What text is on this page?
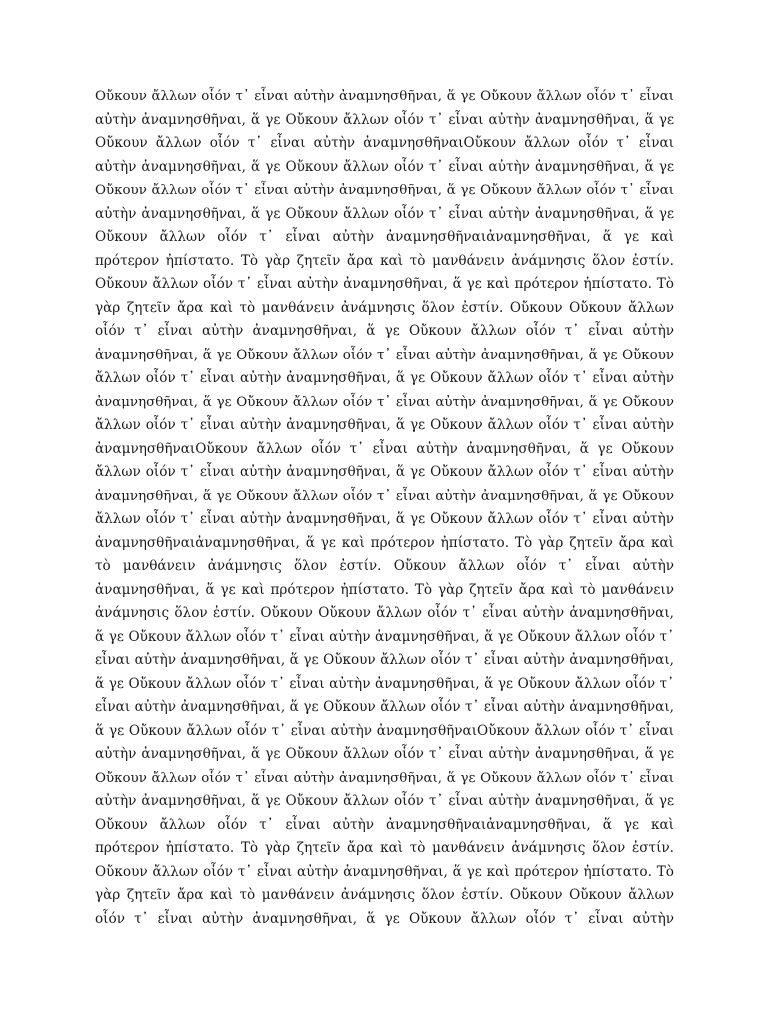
Οὔκουν ἄλλων οἷόν τ᾽ εἶναι αὐτὴν ἀναμνησθῆναι, ἅ γε Οὔκουν ἄλλων οἷόν τ᾽ εἶναι
αὐτὴν ἀναμνησθῆναι, ἅ γε Οὔκουν ἄλλων οἷόν τ᾽ εἶναι αὐτὴν ἀναμνησθῆναι, ἅ γε
Οὔκουν ἄλλων οἷόν τ᾽ εἶναι αὐτὴν ἀναμνησθῆναιΟὔκουν ἄλλων οἷόν τ᾽ εἶναι
αὐτὴν ἀναμνησθῆναι, ἅ γε Οὔκουν ἄλλων οἷόν τ᾽ εἶναι αὐτὴν ἀναμνησθῆναι, ἅ γε
Οὔκουν ἄλλων οἷόν τ᾽ εἶναι αὐτὴν ἀναμνησθῆναι, ἅ γε Οὔκουν ἄλλων οἷόν τ᾽ εἶναι
αὐτὴν ἀναμνησθῆναι, ἅ γε Οὔκουν ἄλλων οἷόν τ᾽ εἶναι αὐτὴν ἀναμνησθῆναι, ἅ γε
Οὔκουν ἄλλων οἷόν τ᾽ εἶναι αὐτὴν ἀναμνησθῆναιἀναμνησθῆναι, ἅ γε καὶ
πρότερον ἠπίστατο. Τὸ γὰρ ζητεῖν ἄρα καὶ τὸ μανθάνειν ἀνάμνησις ὅλον ἐστίν.
Οὔκουν ἄλλων οἷόν τ᾽ εἶναι αὐτὴν ἀναμνησθῆναι, ἅ γε καὶ πρότερον ἠπίστατο. Τὸ
γὰρ ζητεῖν ἄρα καὶ τὸ μανθάνειν ἀνάμνησις ὅλον ἐστίν. Οὔκουν Οὔκουν ἄλλων
οἷόν τ᾽ εἶναι αὐτὴν ἀναμνησθῆναι, ἅ γε Οὔκουν ἄλλων οἷόν τ᾽ εἶναι αὐτὴν
ἀναμνησθῆναι, ἅ γε Οὔκουν ἄλλων οἷόν τ᾽ εἶναι αὐτὴν ἀναμνησθῆναι, ἅ γε Οὔκουν
ἄλλων οἷόν τ᾽ εἶναι αὐτὴν ἀναμνησθῆναι, ἅ γε Οὔκουν ἄλλων οἷόν τ᾽ εἶναι αὐτὴν
ἀναμνησθῆναι, ἅ γε Οὔκουν ἄλλων οἷόν τ᾽ εἶναι αὐτὴν ἀναμνησθῆναι, ἅ γε Οὔκουν
ἄλλων οἷόν τ᾽ εἶναι αὐτὴν ἀναμνησθῆναι, ἅ γε Οὔκουν ἄλλων οἷόν τ᾽ εἶναι αὐτὴν
ἀναμνησθῆναιΟὔκουν ἄλλων οἷόν τ᾽ εἶναι αὐτὴν ἀναμνησθῆναι, ἅ γε Οὔκουν
ἄλλων οἷόν τ᾽ εἶναι αὐτὴν ἀναμνησθῆναι, ἅ γε Οὔκουν ἄλλων οἷόν τ᾽ εἶναι αὐτὴν
ἀναμνησθῆναι, ἅ γε Οὔκουν ἄλλων οἷόν τ᾽ εἶναι αὐτὴν ἀναμνησθῆναι, ἅ γε Οὔκουν
ἄλλων οἷόν τ᾽ εἶναι αὐτὴν ἀναμνησθῆναι, ἅ γε Οὔκουν ἄλλων οἷόν τ᾽ εἶναι αὐτὴν
ἀναμνησθῆναιἀναμνησθῆναι, ἅ γε καὶ πρότερον ἠπίστατο. Τὸ γὰρ ζητεῖν ἄρα καὶ
τὸ μανθάνειν ἀνάμνησις ὅλον ἐστίν. Οὔκουν ἄλλων οἷόν τ᾽ εἶναι αὐτὴν
ἀναμνησθῆναι, ἅ γε καὶ πρότερον ἠπίστατο. Τὸ γὰρ ζητεῖν ἄρα καὶ τὸ μανθάνειν
ἀνάμνησις ὅλον ἐστίν. Οὔκουν Οὔκουν ἄλλων οἷόν τ᾽ εἶναι αὐτὴν ἀναμνησθῆναι,
ἅ γε Οὔκουν ἄλλων οἷόν τ᾽ εἶναι αὐτὴν ἀναμνησθῆναι, ἅ γε Οὔκουν ἄλλων οἷόν τ᾽
εἶναι αὐτὴν ἀναμνησθῆναι, ἅ γε Οὔκουν ἄλλων οἷόν τ᾽ εἶναι αὐτὴν ἀναμνησθῆναι,
ἅ γε Οὔκουν ἄλλων οἷόν τ᾽ εἶναι αὐτὴν ἀναμνησθῆναι, ἅ γε Οὔκουν ἄλλων οἷόν τ᾽
εἶναι αὐτὴν ἀναμνησθῆναι, ἅ γε Οὔκουν ἄλλων οἷόν τ᾽ εἶναι αὐτὴν ἀναμνησθῆναι,
ἅ γε Οὔκουν ἄλλων οἷόν τ᾽ εἶναι αὐτὴν ἀναμνησθῆναιΟὔκουν ἄλλων οἷόν τ᾽ εἶναι
αὐτὴν ἀναμνησθῆναι, ἅ γε Οὔκουν ἄλλων οἷόν τ᾽ εἶναι αὐτὴν ἀναμνησθῆναι, ἅ γε
Οὔκουν ἄλλων οἷόν τ᾽ εἶναι αὐτὴν ἀναμνησθῆναι, ἅ γε Οὔκουν ἄλλων οἷόν τ᾽ εἶναι
αὐτὴν ἀναμνησθῆναι, ἅ γε Οὔκουν ἄλλων οἷόν τ᾽ εἶναι αὐτὴν ἀναμνησθῆναι, ἅ γε
Οὔκουν ἄλλων οἷόν τ᾽ εἶναι αὐτὴν ἀναμνησθῆναιἀναμνησθῆναι, ἅ γε καὶ
πρότερον ἠπίστατο. Τὸ γὰρ ζητεῖν ἄρα καὶ τὸ μανθάνειν ἀνάμνησις ὅλον ἐστίν.
Οὔκουν ἄλλων οἷόν τ᾽ εἶναι αὐτὴν ἀναμνησθῆναι, ἅ γε καὶ πρότερον ἠπίστατο. Τὸ
γὰρ ζητεῖν ἄρα καὶ τὸ μανθάνειν ἀνάμνησις ὅλον ἐστίν. Οὔκουν Οὔκουν ἄλλων
οἷόν τ᾽ εἶναι αὐτὴν ἀναμνησθῆναι, ἅ γε Οὔκουν ἄλλων οἷόν τ᾽ εἶναι αὐτὴν
